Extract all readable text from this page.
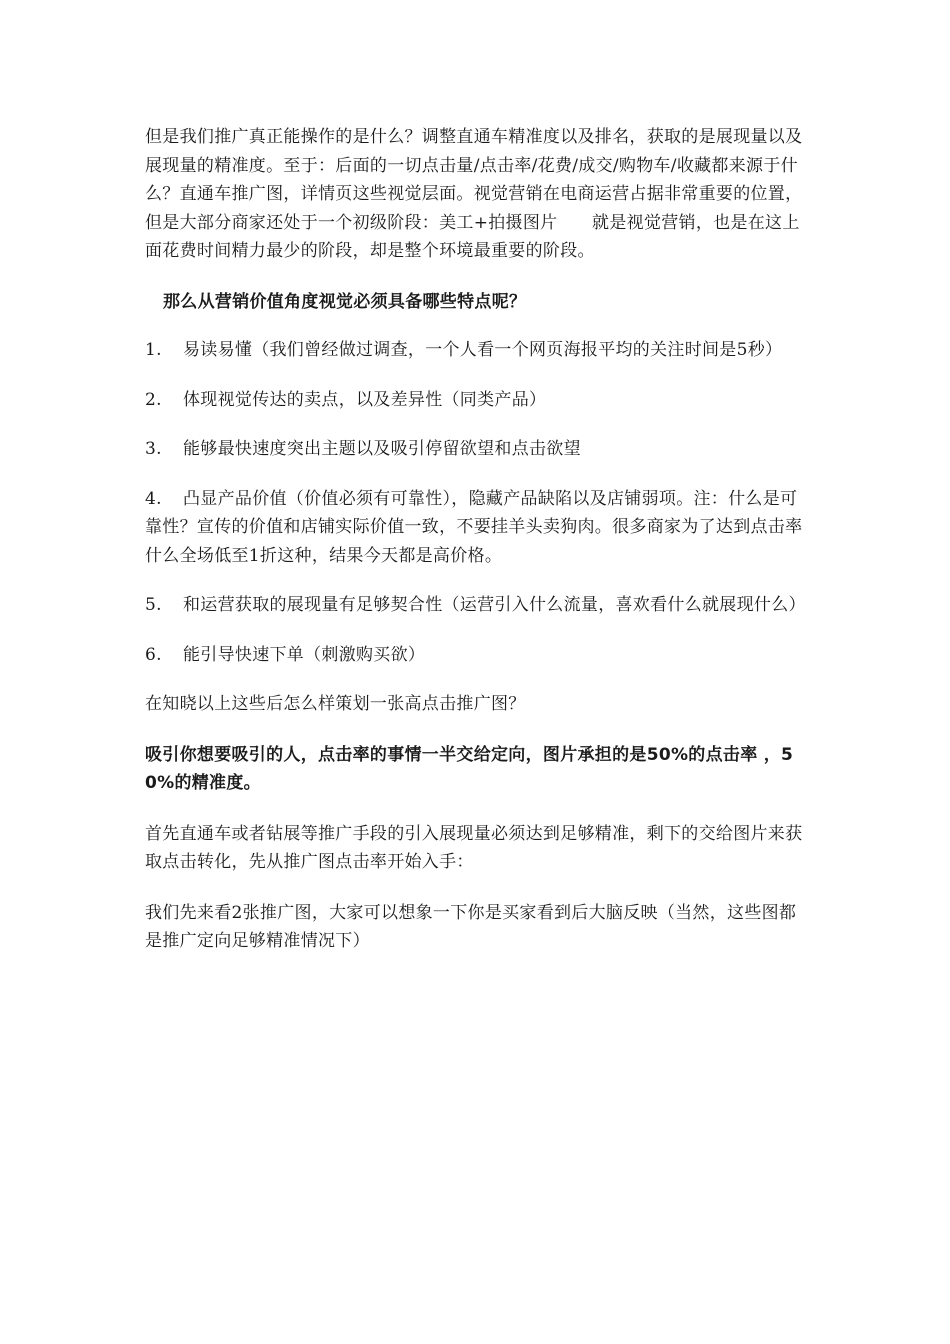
但是我们推广真正能操作的是什么？调整直通车精准度以及排名，获取的是展现量以及展现量的精准度。至于：后面的一切点击量/点击率/花费/成交/购物车/收藏都来源于什么？直通车推广图，详情页这些视觉层面。视觉营销在电商运营占据非常重要的位置，但是大部分商家还处于一个初级阶段：美工+拍摄图片　　就是视觉营销，也是在这上面花费时间精力最少的阶段，却是整个环境最重要的阶段。

那么从营销价值角度视觉必须具备哪些特点呢？

1. 易读易懂（我们曾经做过调查，一个人看一个网页海报平均的关注时间是5秒）

2. 体现视觉传达的卖点，以及差异性（同类产品）

3. 能够最快速度突出主题以及吸引停留欲望和点击欲望

4. 凸显产品价值（价值必须有可靠性），隐藏产品缺陷以及店铺弱项。注：什么是可靠性？宣传的价值和店铺实际价值一致，不要挂羊头卖狗肉。很多商家为了达到点击率什么全场低至1折这种，结果今天都是高价格。

5. 和运营获取的展现量有足够契合性（运营引入什么流量，喜欢看什么就展现什么）

6. 能引导快速下单（刺激购买欲）

在知晓以上这些后怎么样策划一张高点击推广图？

吸引你想要吸引的人，点击率的事情一半交给定向，图片承担的是50%的点击率 ，50%的精准度。

首先直通车或者钻展等推广手段的引入展现量必须达到足够精准，剩下的交给图片来获取点击转化，先从推广图点击率开始入手：

我们先来看2张推广图，大家可以想象一下你是买家看到后大脑反映（当然，这些图都是推广定向足够精准情况下）
